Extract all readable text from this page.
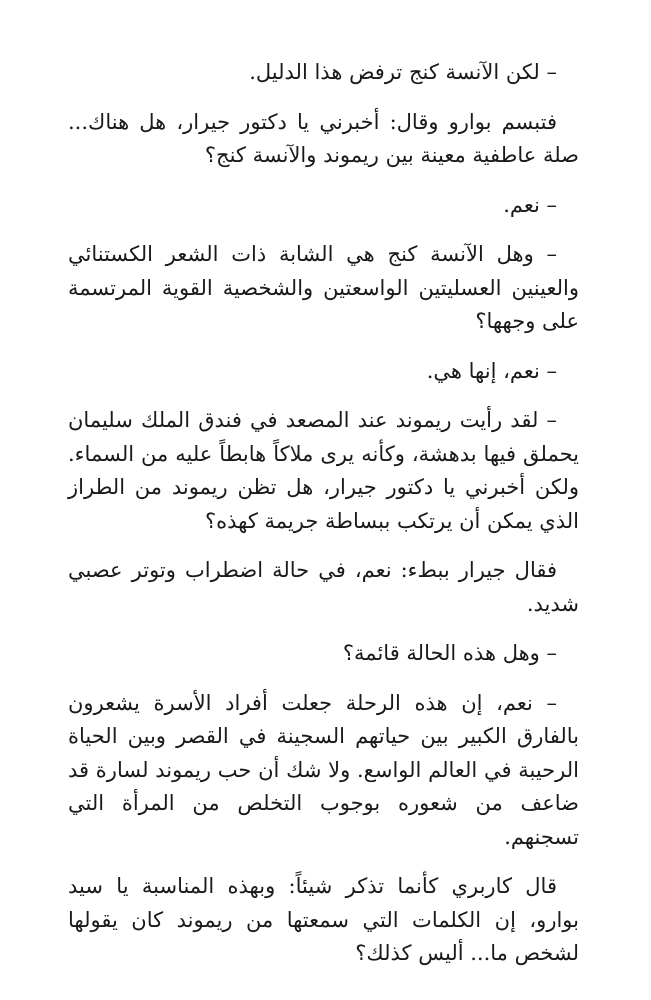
– لكن الآنسة كنج ترفض هذا الدليل.

فتبسم بوارو وقال: أخبرني يا دكتور جيرار، هل هناك... صلة عاطفية معينة بين ريموند والآنسة كنج؟

– نعم.

– وهل الآنسة كنج هي الشابة ذات الشعر الكستنائي والعينين العسليتين الواسعتين والشخصية القوية المرتسمة على وجهها؟

– نعم، إنها هي.

– لقد رأيت ريموند عند المصعد في فندق الملك سليمان يحملق فيها بدهشة، وكأنه يرى ملاكاً هابطاً عليه من السماء. ولكن أخبرني يا دكتور جيرار، هل تظن ريموند من الطراز الذي يمكن أن يرتكب ببساطة جريمة كهذه؟

فقال جيرار ببطء: نعم، في حالة اضطراب وتوتر عصبي شديد.

– وهل هذه الحالة قائمة؟

– نعم، إن هذه الرحلة جعلت أفراد الأسرة يشعرون بالفارق الكبير بين حياتهم السجينة في القصر وبين الحياة الرحيبة في العالم الواسع. ولا شك أن حب ريموند لسارة قد ضاعف من شعوره بوجوب التخلص من المرأة التي تسجنهم.

قال كاربري كأنما تذكر شيئاً: وبهذه المناسبة يا سيد بوارو، إن الكلمات التي سمعتها من ريموند كان يقولها لشخص ما... أليس كذلك؟
